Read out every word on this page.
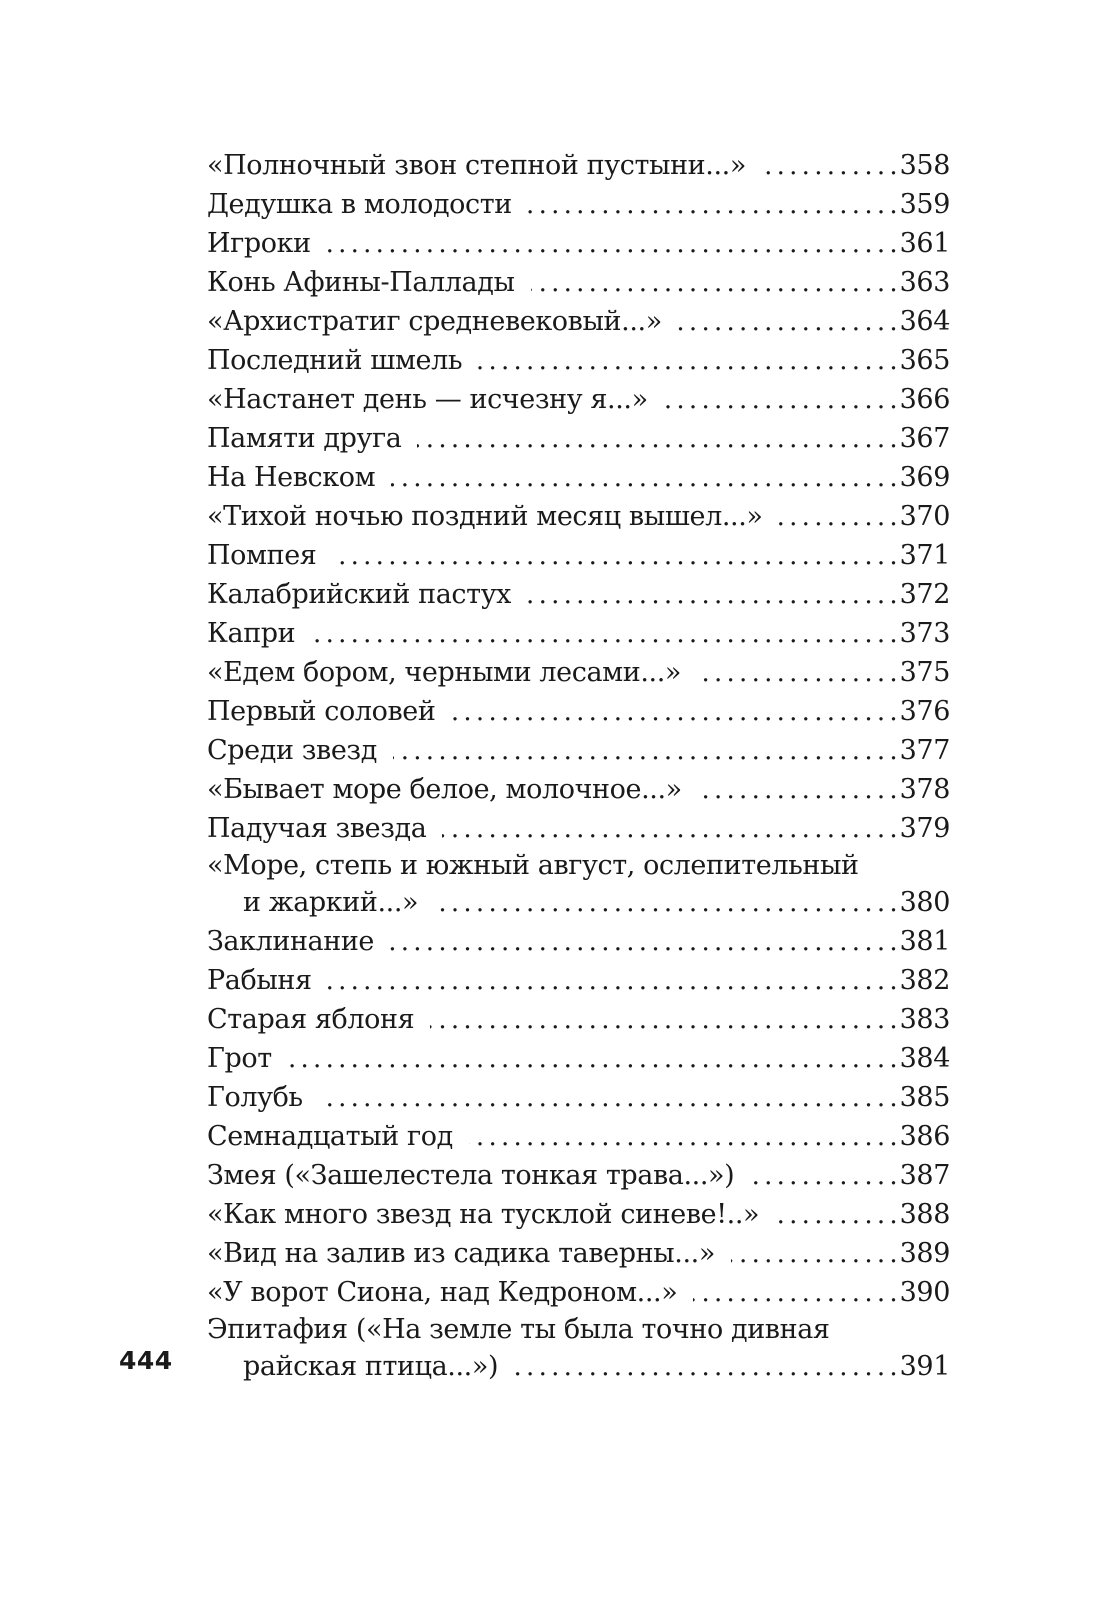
«Полночный звон степной пустыни...» . . .	358
Дедушка в молодости . . .	359
Игроки . . .	361
Конь Афины-Паллады . . .	363
«Архистратиг средневековый...» . . .	364
Последний шмель . . .	365
«Настанет день — исчезну я...» . . .	366
Памяти друга . . .	367
На Невском . . .	369
«Тихой ночью поздний месяц вышел...» . . .	370
Помпея . . .	371
Калабрийский пастух . . .	372
Капри . . .	373
«Едем бором, черными лесами...» . . .	375
Первый соловей . . .	376
Среди звезд . . .	377
«Бывает море белое, молочное...» . . .	378
Падучая звезда . . .	379
«Море, степь и южный август, ослепительный
и жаркий...» . . .	380
Заклинание . . .	381
Рабыня . . .	382
Старая яблоня . . .	383
Грот . . .	384
Голубь . . .	385
Семнадцатый год . . .	386
Змея («Зашелестела тонкая трава...») . . .	387
«Как много звезд на тусклой синеве!..» . . .	388
«Вид на залив из садика таверны...» . . .	389
«У ворот Сиона, над Кедроном...» . . .	390
Эпитафия («На земле ты была точно дивная
райская птица...») . . .	391
444
